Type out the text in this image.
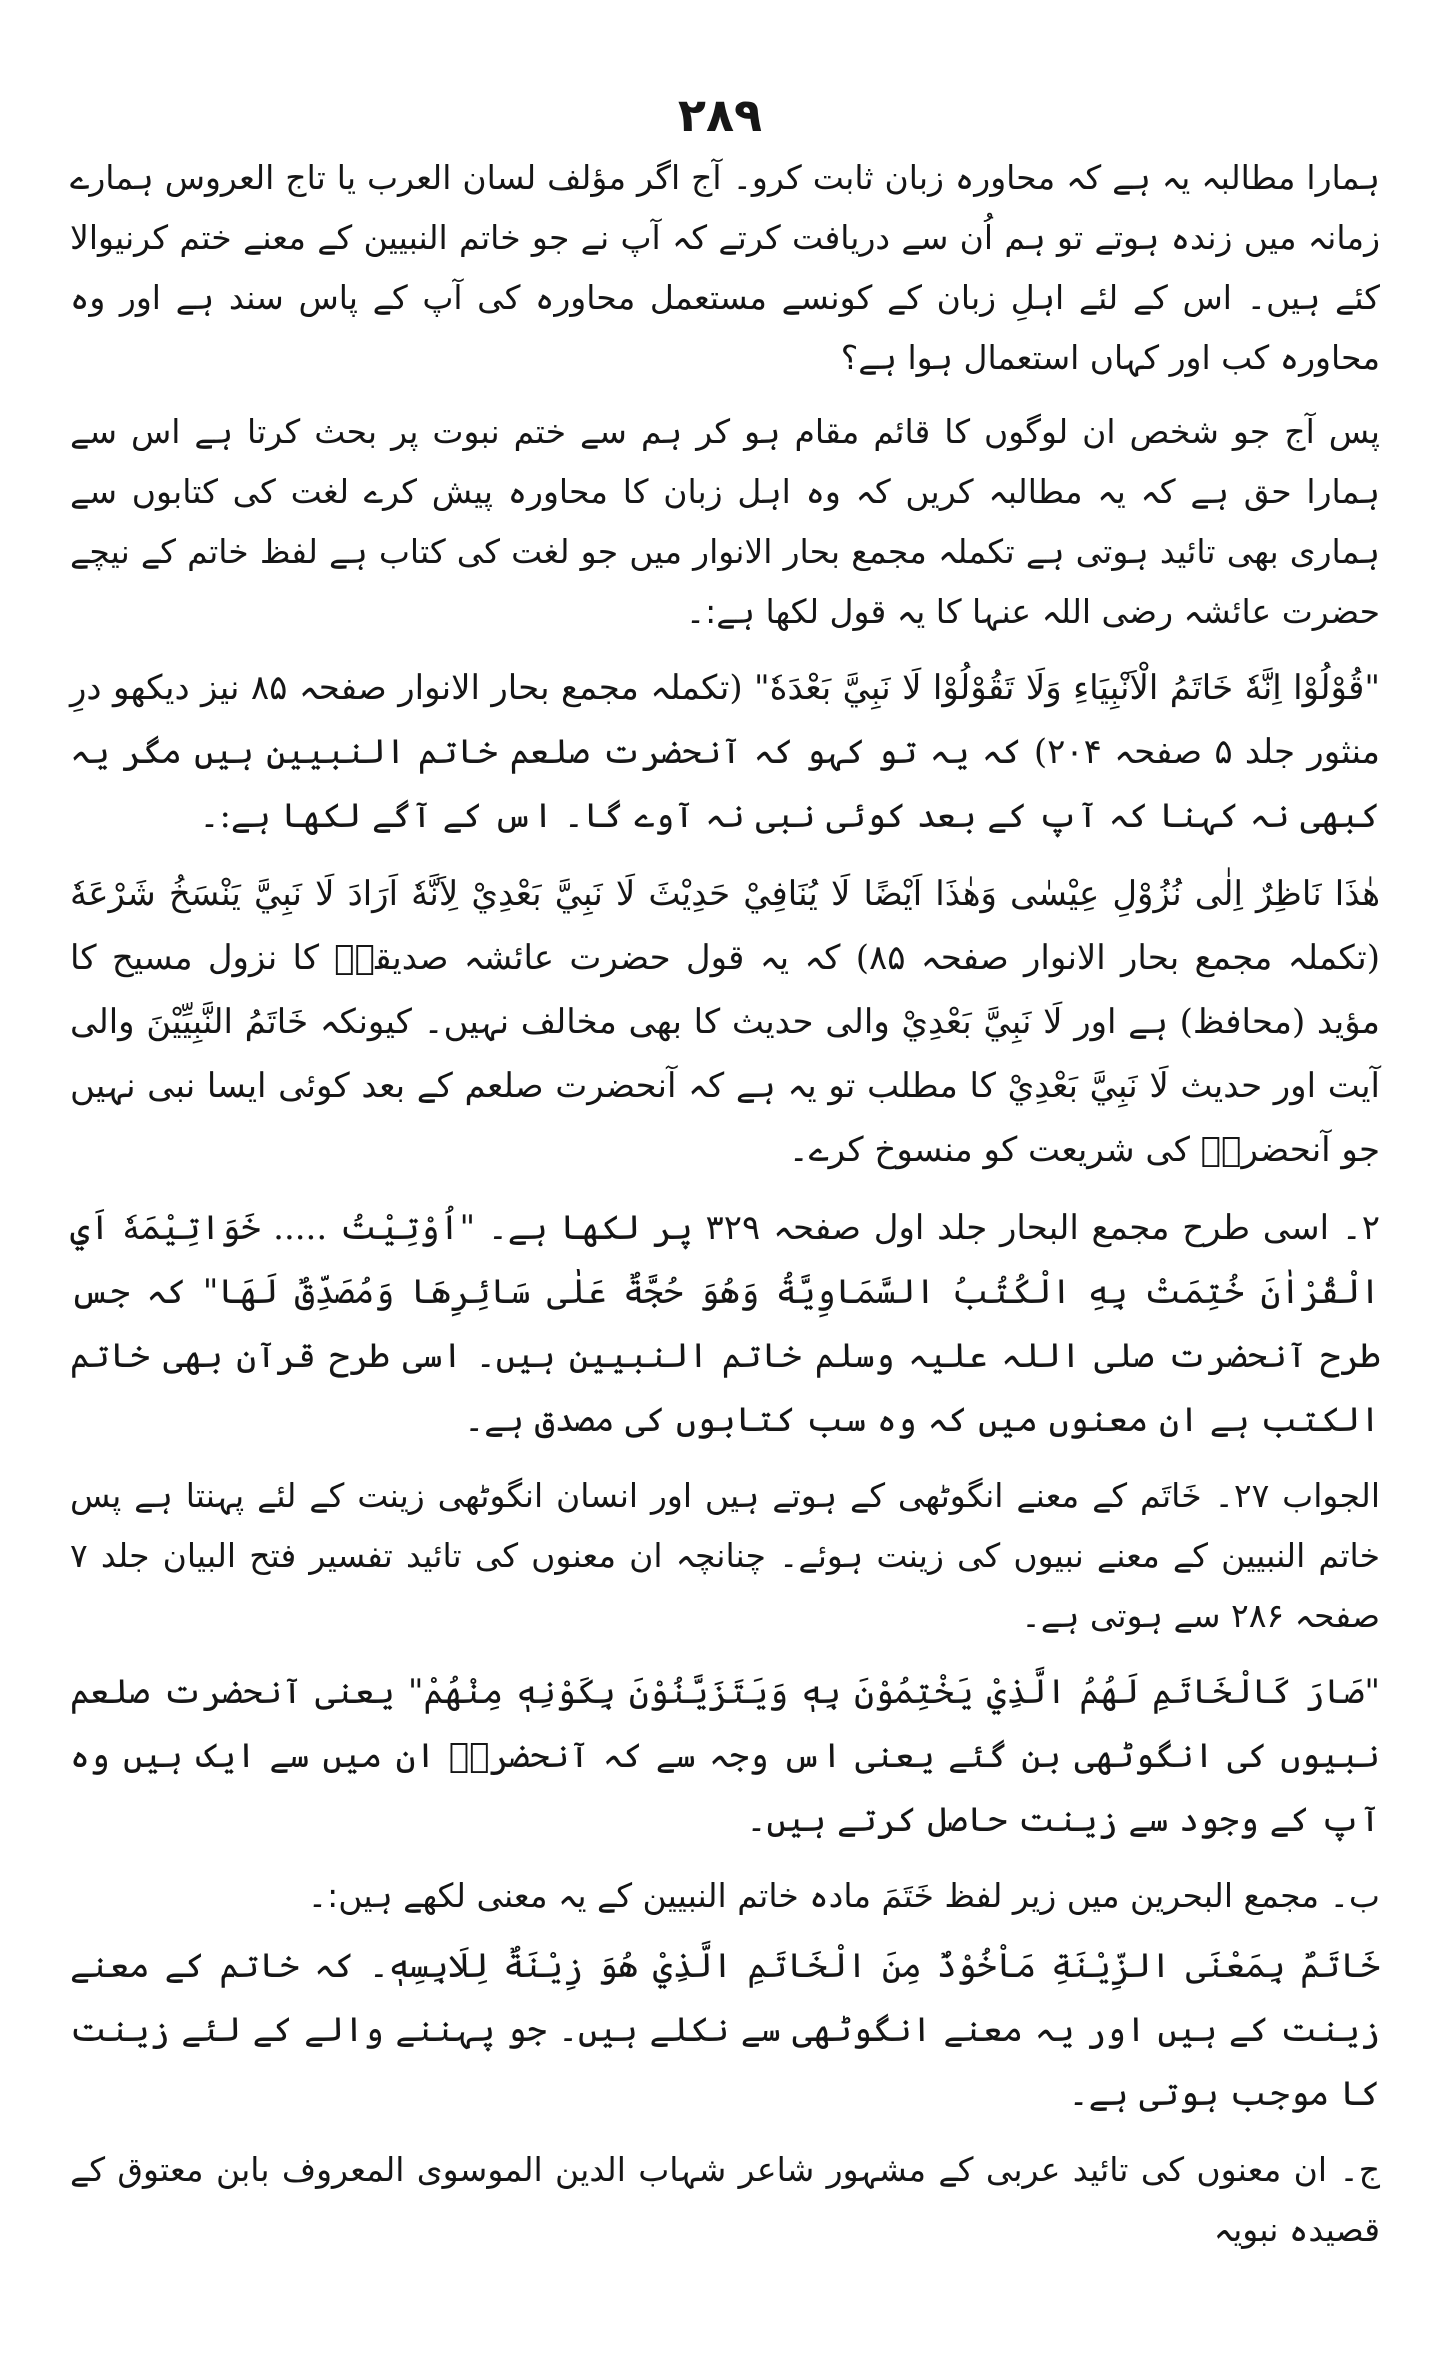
۲۸۹

ہمارا مطالبہ یہ ہے کہ محاورہ زبان ثابت کرو۔ آج اگر مؤلف لسان العرب یا تاج العروس ہمارے زمانہ میں زندہ ہوتے تو ہم اُن سے دریافت کرتے کہ آپ نے جو خاتم النبیین کے معنے ختم کرنیوالا کئے ہیں۔ اس کے لئے اہلِ زبان کے کونسے مستعمل محاورہ کی آپ کے پاس سند ہے اور وہ محاورہ کب اور کہاں استعمال ہوا ہے؟

پس آج جو شخص ان لوگوں کا قائم مقام ہو کر ہم سے ختم نبوت پر بحث کرتا ہے اس سے ہمارا حق ہے کہ یہ مطالبہ کریں کہ وہ اہل زبان کا محاورہ پیش کرے لغت کی کتابوں سے ہماری بھی تائید ہوتی ہے تکملہ مجمع بحار الانوار میں جو لغت کی کتاب ہے لفظ خاتم کے نیچے حضرت عائشہ رضی اللہ عنہا کا یہ قول لکھا ہے:۔

"قُوْلُوْا اِنَّهٗ خَاتَمُ الْاَنْبِيَاءِ وَلَا تَقُوْلُوْا لَا نَبِيَّ بَعْدَهٗ" (تکملہ مجمع بحار الانوار صفحہ ۸۵ نیز دیکھو درِ منثور جلد ۵ صفحہ ۲۰۴) کہ یہ تو کہو کہ آنحضرت صلعم خاتم النبیین ہیں مگر یہ کبھی نہ کہنا کہ آپ کے بعد کوئی نبی نہ آوے گا۔ اس کے آگے لکھا ہے:۔

هٰذَا نَاظِرٌ اِلٰى نُزُوْلِ عِيْسٰى وَهٰذَا اَيْضًا لَا يُنَافِيْ حَدِيْثَ لَا نَبِيَّ بَعْدِيْ لِاَنَّهٗ اَرَادَ لَا نَبِيَّ يَنْسَخُ شَرْعَهٗ (تکملہ مجمع بحار الانوار صفحہ ۸۵) کہ یہ قول حضرت عائشہ صدیقہؓ کا نزول مسیح کا مؤید (محافظ) ہے اور لَا نَبِيَّ بَعْدِيْ والی حدیث کا بھی مخالف نہیں۔ کیونکہ خَاتَمُ النَّبِيِّيْنَ والی آیت اور حدیث لَا نَبِيَّ بَعْدِيْ کا مطلب تو یہ ہے کہ آنحضرت صلعم کے بعد کوئی ایسا نبی نہیں جو آنحضرتؐ کی شریعت کو منسوخ کرے۔

۲۔ اسی طرح مجمع البحار جلد اول صفحہ ۳۲۹ پر لکھا ہے۔ "اُوْتِيْتُ ..... خَوَاتِيْمَهٗ اَيِ الْقُرْاٰنَ خُتِمَتْ بِهِ الْكُتُبُ السَّمَاوِيَّةُ وَهُوَ حُجَّةٌ عَلٰى سَائِرِهَا وَمُصَدِّقٌ لَهَا" کہ جس طرح آنحضرت صلی اللہ علیہ وسلم خاتم النبیین ہیں۔ اسی طرح قرآن بھی خاتم الکتب ہے ان معنوں میں کہ وہ سب کتابوں کی مصدق ہے۔

الجواب ۲۷۔ خَاتَم کے معنے انگوٹھی کے ہوتے ہیں اور انسان انگوٹھی زینت کے لئے پہنتا ہے پس خاتم النبیین کے معنے نبیوں کی زینت ہوئے۔ چنانچہ ان معنوں کی تائید تفسیر فتح البیان جلد ۷ صفحہ ۲۸۶ سے ہوتی ہے۔

"صَارَ كَالْخَاتَمِ لَهُمُ الَّذِيْ يَخْتِمُوْنَ بِهٖ وَيَتَزَيَّنُوْنَ بِكَوْنِهٖ مِنْهُمْ" یعنی آنحضرت صلعم نبیوں کی انگوٹھی بن گئے یعنی اس وجہ سے کہ آنحضرتؐ ان میں سے ایک ہیں وہ آپ کے وجود سے زینت حاصل کرتے ہیں۔

ب۔ مجمع البحرین میں زیر لفظ خَتَمَ مادہ خاتم النبیین کے یہ معنی لکھے ہیں:۔

خَاتَمٌ بِمَعْنَى الزِّيْنَةِ مَاْخُوْذٌ مِنَ الْخَاتَمِ الَّذِيْ هُوَ زِيْنَةٌ لِلَابِسِهٖ۔ کہ خاتم کے معنے زینت کے ہیں اور یہ معنے انگوٹھی سے نکلے ہیں۔ جو پہننے والے کے لئے زینت کا موجب ہوتی ہے۔

ج۔ ان معنوں کی تائید عربی کے مشہور شاعر شہاب الدین الموسوی المعروف بابن معتوق کے قصیدہ نبویہ
